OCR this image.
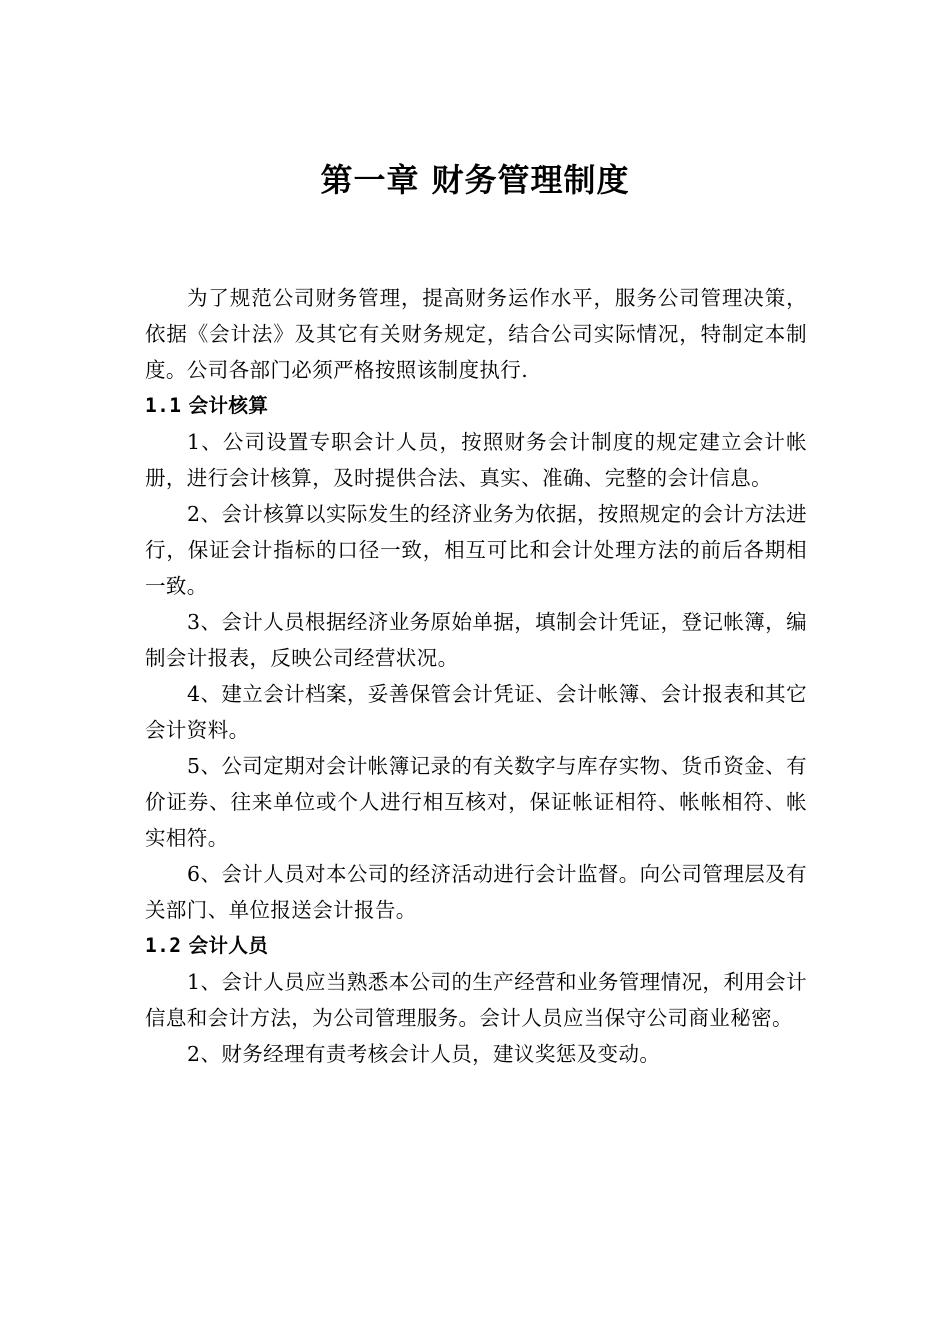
第一章 财务管理制度

为了规范公司财务管理，提高财务运作水平，服务公司管理决策，依据《会计法》及其它有关财务规定，结合公司实际情况，特制定本制度。公司各部门必须严格按照该制度执行.

1.1 会计核算

1、公司设置专职会计人员，按照财务会计制度的规定建立会计帐册，进行会计核算，及时提供合法、真实、准确、完整的会计信息。

2、会计核算以实际发生的经济业务为依据，按照规定的会计方法进行，保证会计指标的口径一致，相互可比和会计处理方法的前后各期相一致。

3、会计人员根据经济业务原始单据，填制会计凭证，登记帐簿，编制会计报表，反映公司经营状况。

4、建立会计档案，妥善保管会计凭证、会计帐簿、会计报表和其它会计资料。

5、公司定期对会计帐簿记录的有关数字与库存实物、货币资金、有价证券、往来单位或个人进行相互核对，保证帐证相符、帐帐相符、帐实相符。

6、会计人员对本公司的经济活动进行会计监督。向公司管理层及有关部门、单位报送会计报告。

1.2 会计人员

1、会计人员应当熟悉本公司的生产经营和业务管理情况，利用会计信息和会计方法，为公司管理服务。会计人员应当保守公司商业秘密。

2、财务经理有责考核会计人员，建议奖惩及变动。
